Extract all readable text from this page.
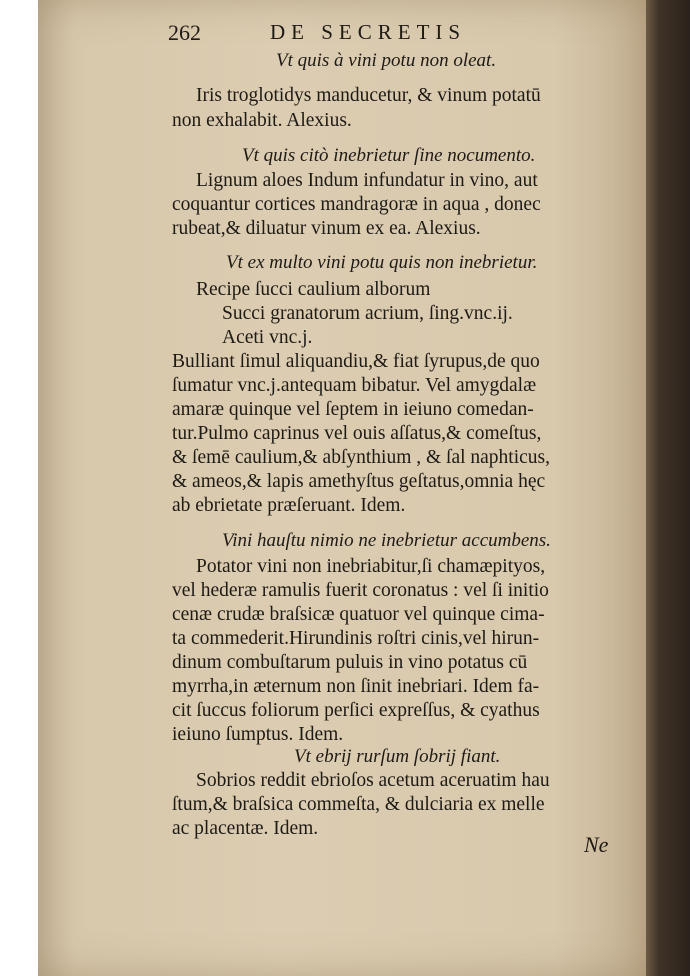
262	DE SECRETIS
Vt quis à vini potu non oleat.
Iris troglotidys manducetur, & vinum potatū
non exhalabit. Alexius.
Vt quis citò inebrietur ſine nocumento.
Lignum aloes Indum infundatur in vino, aut
coquantur cortices mandragoræ in aqua , donec
rubeat,& diluatur vinum ex ea. Alexius.
Vt ex multo vini potu quis non inebrietur.
Recipe ſucci caulium alborum
Succi granatorum acrium, ſing.vnc.ij.
Aceti vnc.j.
Bulliant ſimul aliquandiu,& fiat ſyrupus,de quo
ſumatur vnc.j.antequam bibatur. Vel amygdalæ
amaræ quinque vel ſeptem in ieiuno comedan-
tur.Pulmo caprinus vel ouis aſſatus,& comeſtus,
& ſemē caulium,& abſynthium , & ſal naphticus,
& ameos,& lapis amethyſtus geſtatus,omnia hęc
ab ebrietate præſeruant. Idem.
Vini hauſtu nimio ne inebrietur accumbens.
Potator vini non inebriabitur,ſi chamæpityos,
vel hederæ ramulis fuerit coronatus : vel ſi initio
cenæ crudæ braſsicæ quatuor vel quinque cima-
ta commederit.Hirundinis roſtri cinis,vel hirun-
dinum combuſtarum puluis in vino potatus cū
myrrha,in æternum non ſinit inebriari. Idem fa-
cit ſuccus foliorum perſici expreſſus, & cyathus
ieiuno ſumptus. Idem.
Vt ebrij rurſum ſobrij fiant.
Sobrios reddit ebrioſos acetum aceruatim hau
ſtum,& braſsica commeſta, & dulciaria ex melle
ac placentæ. Idem.
Ne
